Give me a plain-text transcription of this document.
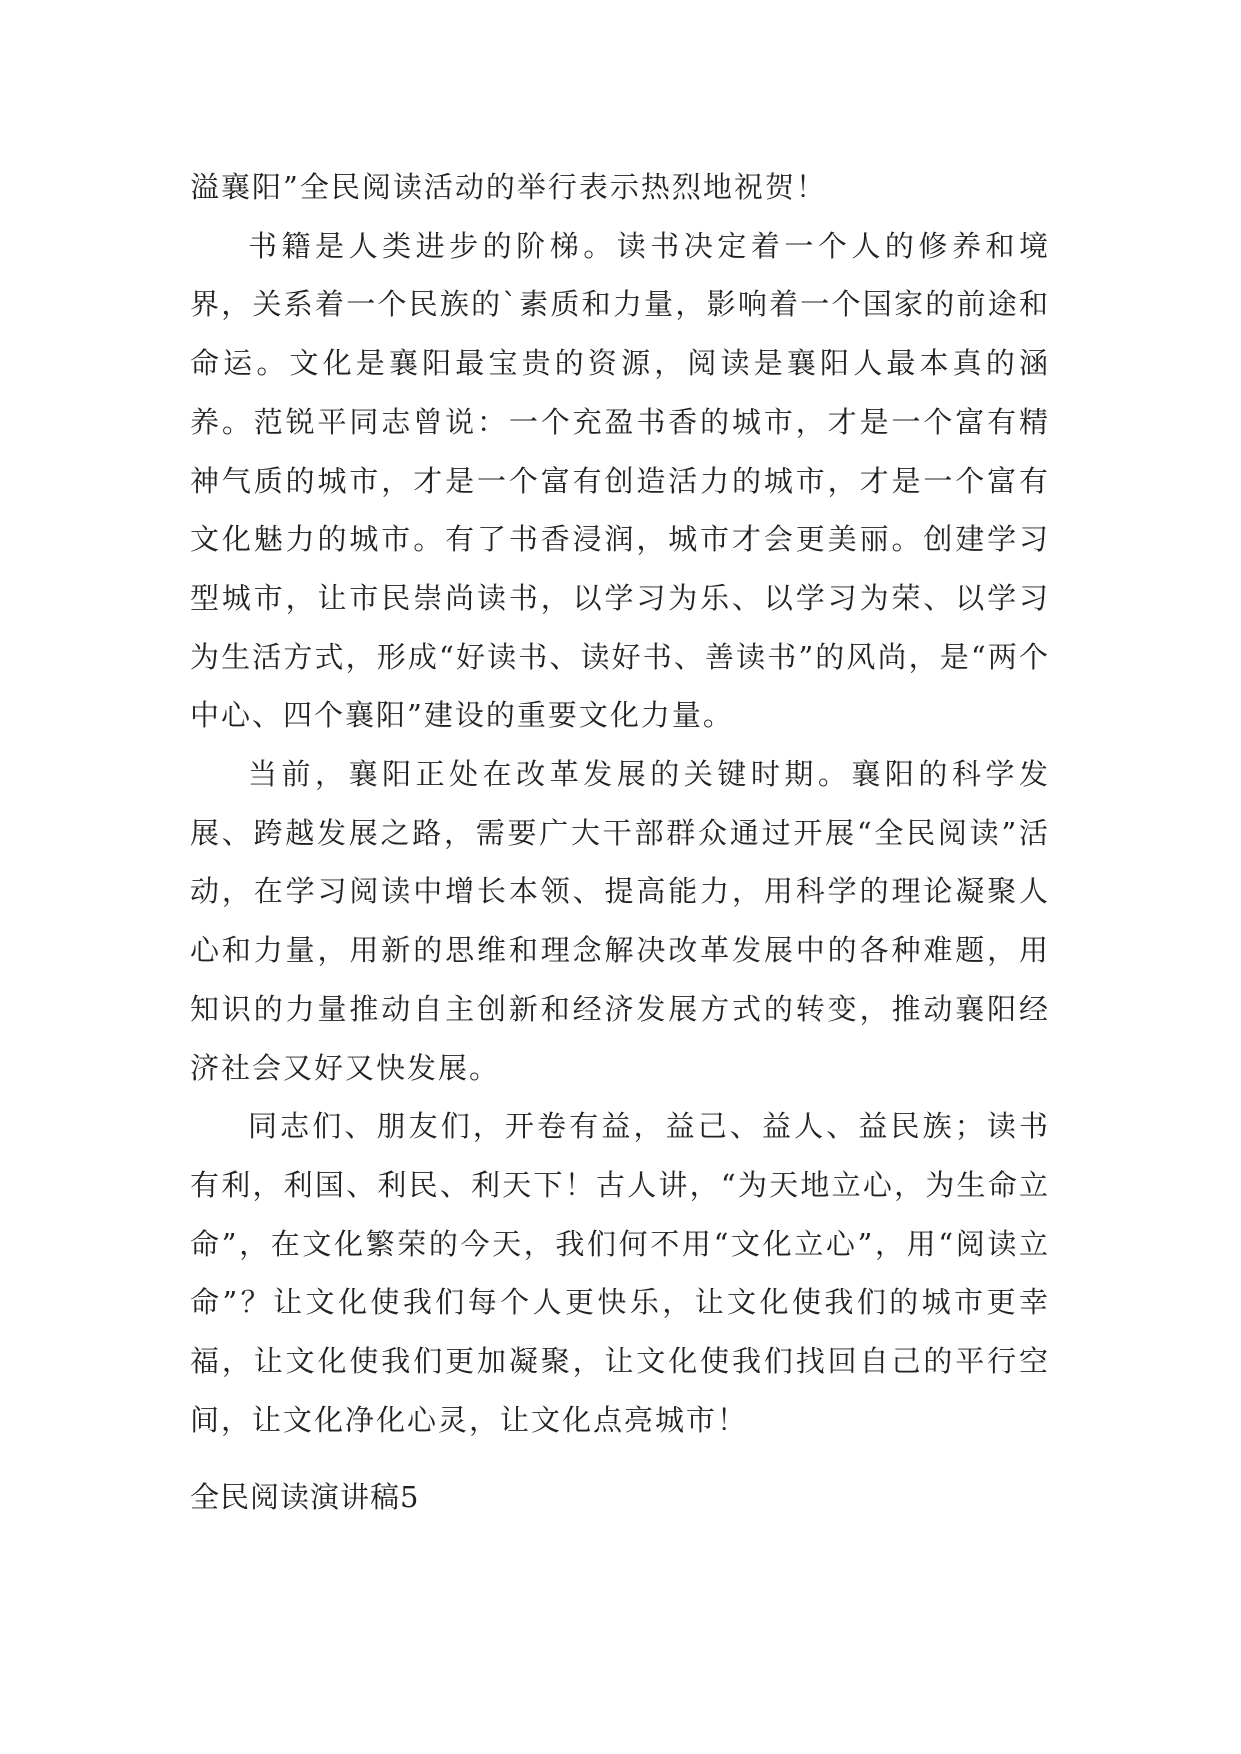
溢襄阳”全民阅读活动的举行表示热烈地祝贺！

书籍是人类进步的阶梯。读书决定着一个人的修养和境界，关系着一个民族的`素质和力量，影响着一个国家的前途和命运。文化是襄阳最宝贵的资源，阅读是襄阳人最本真的涵养。范锐平同志曾说：一个充盈书香的城市，才是一个富有精神气质的城市，才是一个富有创造活力的城市，才是一个富有文化魅力的城市。有了书香浸润，城市才会更美丽。创建学习型城市，让市民崇尚读书，以学习为乐、以学习为荣、以学习为生活方式，形成“好读书、读好书、善读书”的风尚，是“两个中心、四个襄阳”建设的重要文化力量。

当前，襄阳正处在改革发展的关键时期。襄阳的科学发展、跨越发展之路，需要广大干部群众通过开展“全民阅读”活动，在学习阅读中增长本领、提高能力，用科学的理论凝聚人心和力量，用新的思维和理念解决改革发展中的各种难题，用知识的力量推动自主创新和经济发展方式的转变，推动襄阳经济社会又好又快发展。

同志们、朋友们，开卷有益，益己、益人、益民族；读书有利，利国、利民、利天下！古人讲，“为天地立心，为生命立命”，在文化繁荣的今天，我们何不用“文化立心”，用“阅读立命”？让文化使我们每个人更快乐，让文化使我们的城市更幸福，让文化使我们更加凝聚，让文化使我们找回自己的平行空间，让文化净化心灵，让文化点亮城市！

全民阅读演讲稿5
